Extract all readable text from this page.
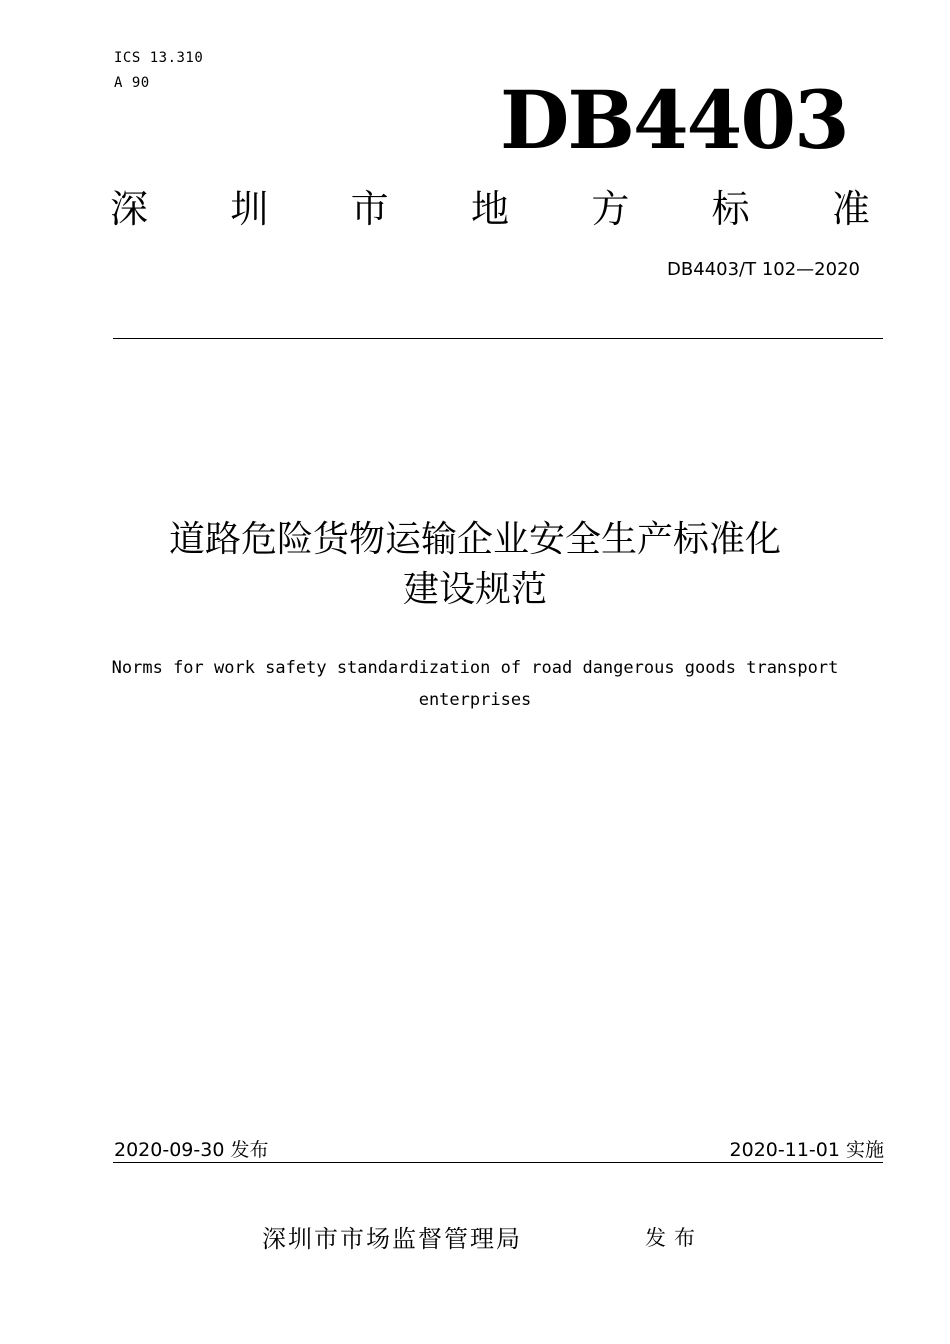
ICS 13.310
A 90	DB4403
深 圳 市 地 方 标 准
DB4403/T 102—2020
道路危险货物运输企业安全生产标准化
建设规范
Norms for work safety standardization of road dangerous goods transport
enterprises
2020-09-30 发布	2020-11-01 实施
深圳市市场监督管理局	发布
